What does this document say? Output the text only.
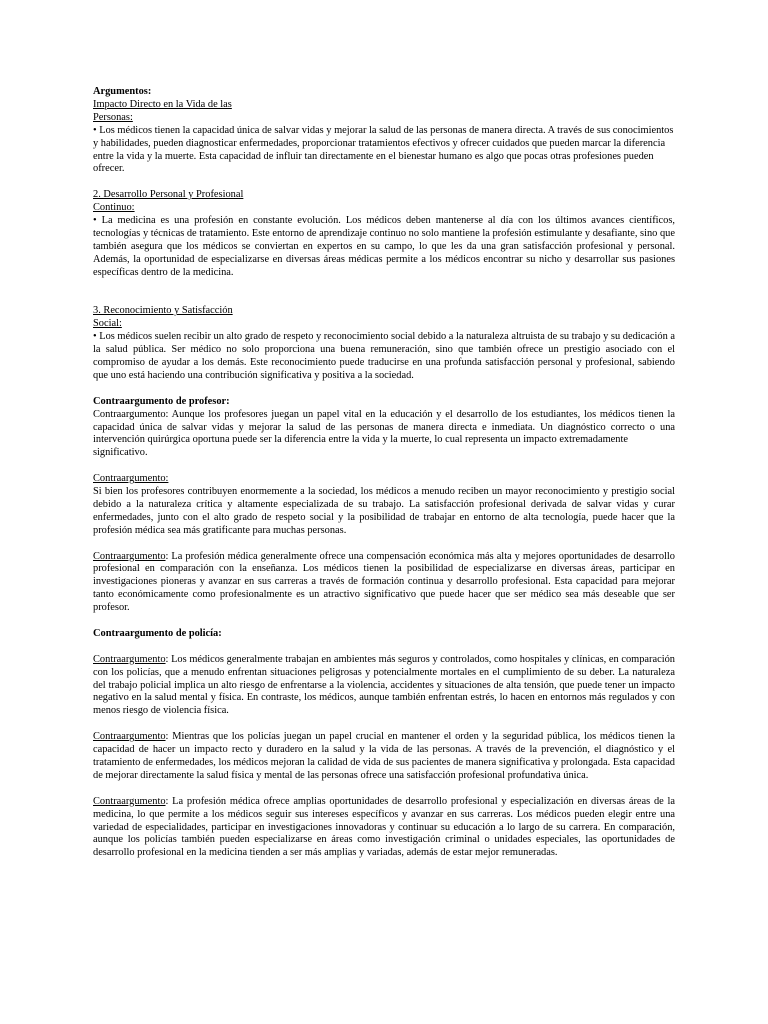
Argumentos:

Impacto Directo en la Vida de las

Personas:

• Los médicos tienen la capacidad única de salvar vidas y mejorar la salud de las personas de manera directa. A través de sus conocimientos y habilidades, pueden diagnosticar enfermedades, proporcionar tratamientos efectivos y ofrecer cuidados que pueden marcar la diferencia entre la vida y la muerte. Esta capacidad de influir tan directamente en el bienestar humano es algo que pocas otras profesiones pueden ofrecer.

2. Desarrollo Personal y Profesional

Continuo:

• La medicina es una profesión en constante evolución. Los médicos deben mantenerse al día con los últimos avances científicos, tecnologías y técnicas de tratamiento. Este entorno de aprendizaje continuo no solo mantiene la profesión estimulante y desafiante, sino que también asegura que los médicos se conviertan en expertos en su campo, lo que les da una gran satisfacción profesional y personal. Además, la oportunidad de especializarse en diversas áreas médicas permite a los médicos encontrar su nicho y desarrollar sus pasiones específicas dentro de la medicina.

3. Reconocimiento y Satisfacción

Social:

• Los médicos suelen recibir un alto grado de respeto y reconocimiento social debido a la naturaleza altruista de su trabajo y su dedicación a la salud pública. Ser médico no solo proporciona una buena remuneración, sino que también ofrece un prestigio asociado con el compromiso de ayudar a los demás. Este reconocimiento puede traducirse en una profunda satisfacción personal y profesional, sabiendo que uno está haciendo una contribución significativa y positiva a la sociedad.

Contraargumento de profesor:

Contraargumento: Aunque los profesores juegan un papel vital en la educación y el desarrollo de los estudiantes, los médicos tienen la capacidad única de salvar vidas y mejorar la salud de las personas de manera directa e inmediata. Un diagnóstico correcto o una intervención quirúrgica oportuna puede ser la diferencia entre la vida y la muerte, lo cual representa un impacto extremadamente

significativo.

Contraargumento:

Si bien los profesores contribuyen enormemente a la sociedad, los médicos a menudo reciben un mayor reconocimiento y prestigio social debido a la naturaleza crítica y altamente especializada de su trabajo. La satisfacción profesional derivada de salvar vidas y curar enfermedades, junto con el alto grado de respeto social y la posibilidad de trabajar en entorno de alta tecnología, puede hacer que la profesión médica sea más gratificante para muchas personas.

Contraargumento: La profesión médica generalmente ofrece una compensación económica más alta y mejores oportunidades de desarrollo profesional en comparación con la enseñanza. Los médicos tienen la posibilidad de especializarse en diversas áreas, participar en investigaciones pioneras y avanzar en sus carreras a través de formación continua y desarrollo profesional. Esta capacidad para mejorar tanto económicamente como profesionalmente es un atractivo significativo que puede hacer que ser médico sea más deseable que ser profesor.

Contraargumento de policía:

Contraargumento: Los médicos generalmente trabajan en ambientes más seguros y controlados, como hospitales y clínicas, en comparación con los policías, que a menudo enfrentan situaciones peligrosas y potencialmente mortales en el cumplimiento de su deber. La naturaleza del trabajo policial implica un alto riesgo de enfrentarse a la violencia, accidentes y situaciones de alta tensión, que puede tener un impacto negativo en la salud mental y física. En contraste, los médicos, aunque también enfrentan estrés, lo hacen en entornos más regulados y con menos riesgo de violencia física.

Contraargumento: Mientras que los policías juegan un papel crucial en mantener el orden y la seguridad pública, los médicos tienen la capacidad de hacer un impacto recto y duradero en la salud y la vida de las personas. A través de la prevención, el diagnóstico y el tratamiento de enfermedades, los médicos mejoran la calidad de vida de sus pacientes de manera significativa y prolongada. Esta capacidad de mejorar directamente la salud física y mental de las personas ofrece una satisfacción profesional profundativa única.

Contraargumento: La profesión médica ofrece amplias oportunidades de desarrollo profesional y especialización en diversas áreas de la medicina, lo que permite a los médicos seguir sus intereses específicos y avanzar en sus carreras. Los médicos pueden elegir entre una variedad de especialidades, participar en investigaciones innovadoras y continuar su educación a lo largo de su carrera. En comparación, aunque los policías también pueden especializarse en áreas como investigación criminal o unidades especiales, las oportunidades de desarrollo profesional en la medicina tienden a ser más amplias y variadas, además de estar mejor remuneradas.
